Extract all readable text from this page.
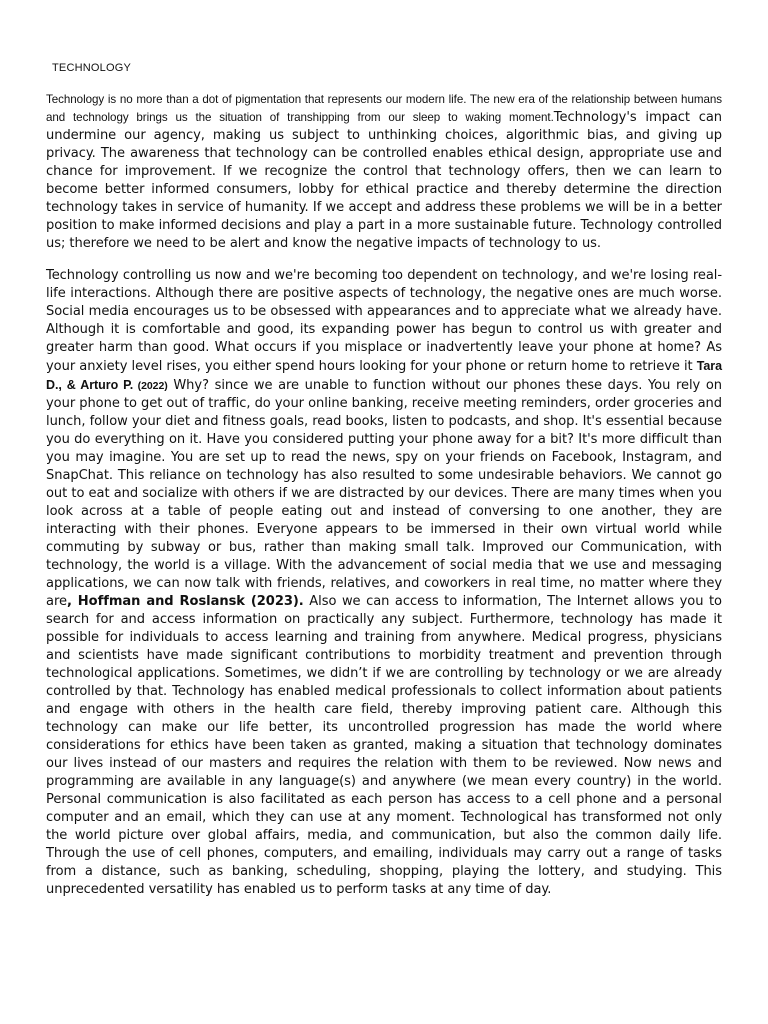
TECHNOLOGY

Technology is no more than a dot of pigmentation that represents our modern life. The new era of the relationship between humans and technology brings us the situation of transhipping from our sleep to waking moment.Technology's impact can undermine our agency, making us subject to unthinking choices, algorithmic bias, and giving up privacy. The awareness that technology can be controlled enables ethical design, appropriate use and chance for improvement. If we recognize the control that technology offers, then we can learn to become better informed consumers, lobby for ethical practice and thereby determine the direction technology takes in service of humanity. If we accept and address these problems we will be in a better position to make informed decisions and play a part in a more sustainable future. Technology controlled us; therefore we need to be alert and know the negative impacts of technology to us.

Technology controlling us now and we're becoming too dependent on technology, and we're losing real-life interactions. Although there are positive aspects of technology, the negative ones are much worse. Social media encourages us to be obsessed with appearances and to appreciate what we already have. Although it is comfortable and good, its expanding power has begun to control us with greater and greater harm than good. What occurs if you misplace or inadvertently leave your phone at home? As your anxiety level rises, you either spend hours looking for your phone or return home to retrieve it Tara D., & Arturo P. (2022) Why? since we are unable to function without our phones these days. You rely on your phone to get out of traffic, do your online banking, receive meeting reminders, order groceries and lunch, follow your diet and fitness goals, read books, listen to podcasts, and shop. It's essential because you do everything on it. Have you considered putting your phone away for a bit? It's more difficult than you may imagine. You are set up to read the news, spy on your friends on Facebook, Instagram, and SnapChat. This reliance on technology has also resulted to some undesirable behaviors. We cannot go out to eat and socialize with others if we are distracted by our devices. There are many times when you look across at a table of people eating out and instead of conversing to one another, they are interacting with their phones. Everyone appears to be immersed in their own virtual world while commuting by subway or bus, rather than making small talk. Improved our Communication, with technology, the world is a village. With the advancement of social media that we use and messaging applications, we can now talk with friends, relatives, and coworkers in real time, no matter where they are, Hoffman and Roslansk (2023). Also we can access to information, The Internet allows you to search for and access information on practically any subject. Furthermore, technology has made it possible for individuals to access learning and training from anywhere. Medical progress, physicians and scientists have made significant contributions to morbidity treatment and prevention through technological applications. Sometimes, we didn’t if we are controlling by technology or we are already controlled by that. Technology has enabled medical professionals to collect information about patients and engage with others in the health care field, thereby improving patient care. Although this technology can make our life better, its uncontrolled progression has made the world where considerations for ethics have been taken as granted, making a situation that technology dominates our lives instead of our masters and requires the relation with them to be reviewed. Now news and programming are available in any language(s) and anywhere (we mean every country) in the world. Personal communication is also facilitated as each person has access to a cell phone and a personal computer and an email, which they can use at any moment. Technological has transformed not only the world picture over global affairs, media, and communication, but also the common daily life. Through the use of cell phones, computers, and emailing, individuals may carry out a range of tasks from a distance, such as banking, scheduling, shopping, playing the lottery, and studying. This unprecedented versatility has enabled us to perform tasks at any time of day.
